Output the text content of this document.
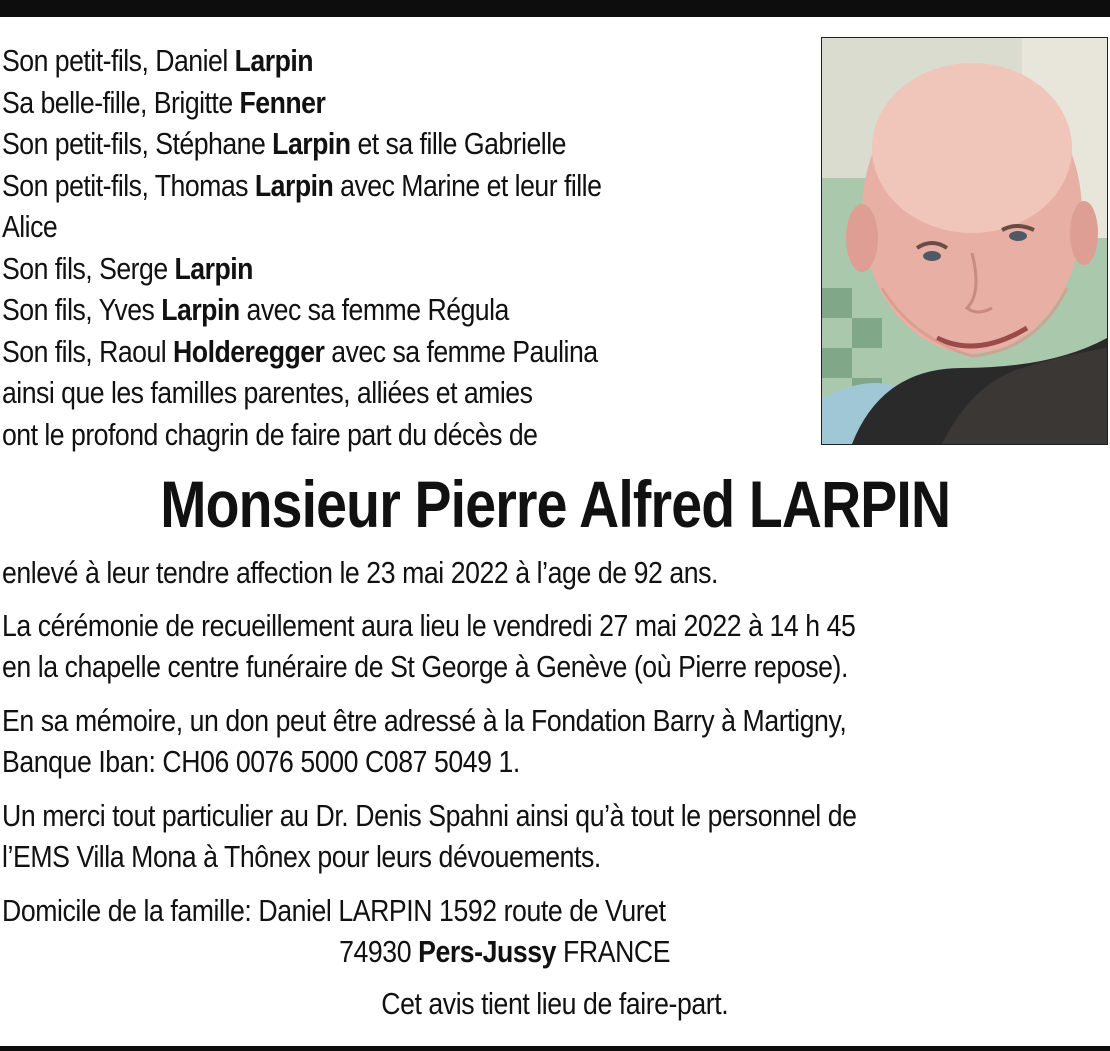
Son petit-fils, Daniel Larpin
Sa belle-fille, Brigitte Fenner
Son petit-fils, Stéphane Larpin et sa fille Gabrielle
Son petit-fils, Thomas Larpin avec Marine et leur fille
Alice
Son fils, Serge Larpin
Son fils, Yves Larpin avec sa femme Régula
Son fils, Raoul Holderegger avec sa femme Paulina
ainsi que les familles parentes, alliées et amies
ont le profond chagrin de faire part du décès de
Monsieur Pierre Alfred LARPIN

enlevé à leur tendre affection le 23 mai 2022 à l’age de 92 ans.

La cérémonie de recueillement aura lieu le vendredi 27 mai 2022 à 14 h 45

en la chapelle centre funéraire de St George à Genève (où Pierre repose).

En sa mémoire, un don peut être adressé à la Fondation Barry à Martigny,

Banque Iban: CH06 0076 5000 C087 5049 1.

Un merci tout particulier au Dr. Denis Spahni ainsi qu’à tout le personnel de

l’EMS Villa Mona à Thônex pour leurs dévouements.

Domicile de la famille: Daniel LARPIN 1592 route de Vuret
74930 Pers-Jussy FRANCE
Cet avis tient lieu de faire-part.
